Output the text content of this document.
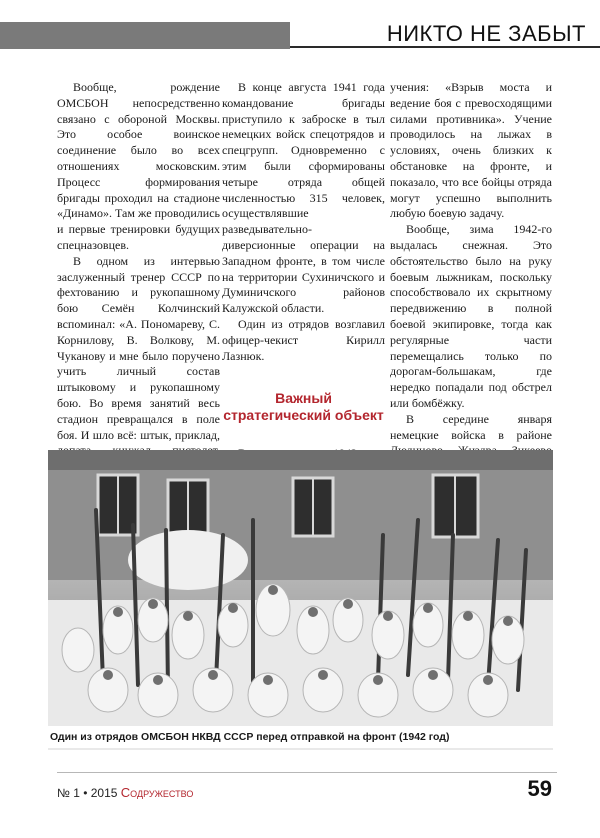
НИКТО НЕ ЗАБЫТ

Вообще, рождение ОМСБОН непосредственно связано с обороной Москвы. Это особое воинское соединение было во всех отношениях московским. Процесс формирования бригады проходил на стадионе «Динамо». Там же проводились и первые тренировки будущих спецназовцев.

В одном из интервью заслуженный тренер СССР по фехтованию и рукопашному бою Семён Колчинский вспоминал: «А. Пономареву, С. Корнилову, В. Волкову, М. Чуканову и мне было поручено учить личный состав штыковому и рукопашному бою. Во время занятий весь стадион превращался в поле боя. И шло всё: штык, приклад,

В конце августа 1941 года командование бригады приступило к заброске в тыл немецких войск спецотрядов и спецгрупп. Одновременно с этим были сформированы четыре отряда общей численностью 315 человек, осуществлявшие разведывательно-диверсионные операции на Западном фронте, в том числе на территории Сухиничского и Думиничского районов Калужской области.

Один из отрядов возглавил офицер-чекист Кирилл Лазнюк.

Важный стратегический объект

учения: «Взрыв моста и ведение боя с превосходящими силами противника». Учение проводилось на лыжах в условиях, очень близких к обстановке на фронте, и показало, что все бойцы отряда могут успешно выполнить любую боевую задачу.

Вообще, зима 1942-го выдалась снежная. Это обстоятельство было на руку боевым лыжникам, поскольку способствовало их скрытному передвижению в полной боевой экипировке, тогда как регулярные части перемещались только по дорогам-большакам, где нередко попадали под обстрел или бомбёжку.

В середине января немецкие войска в районе

Один из отрядов ОМСБОН НКВД СССР перед отправкой на фронт (1942 год)
№ 1 • 2015 Содружество	59
